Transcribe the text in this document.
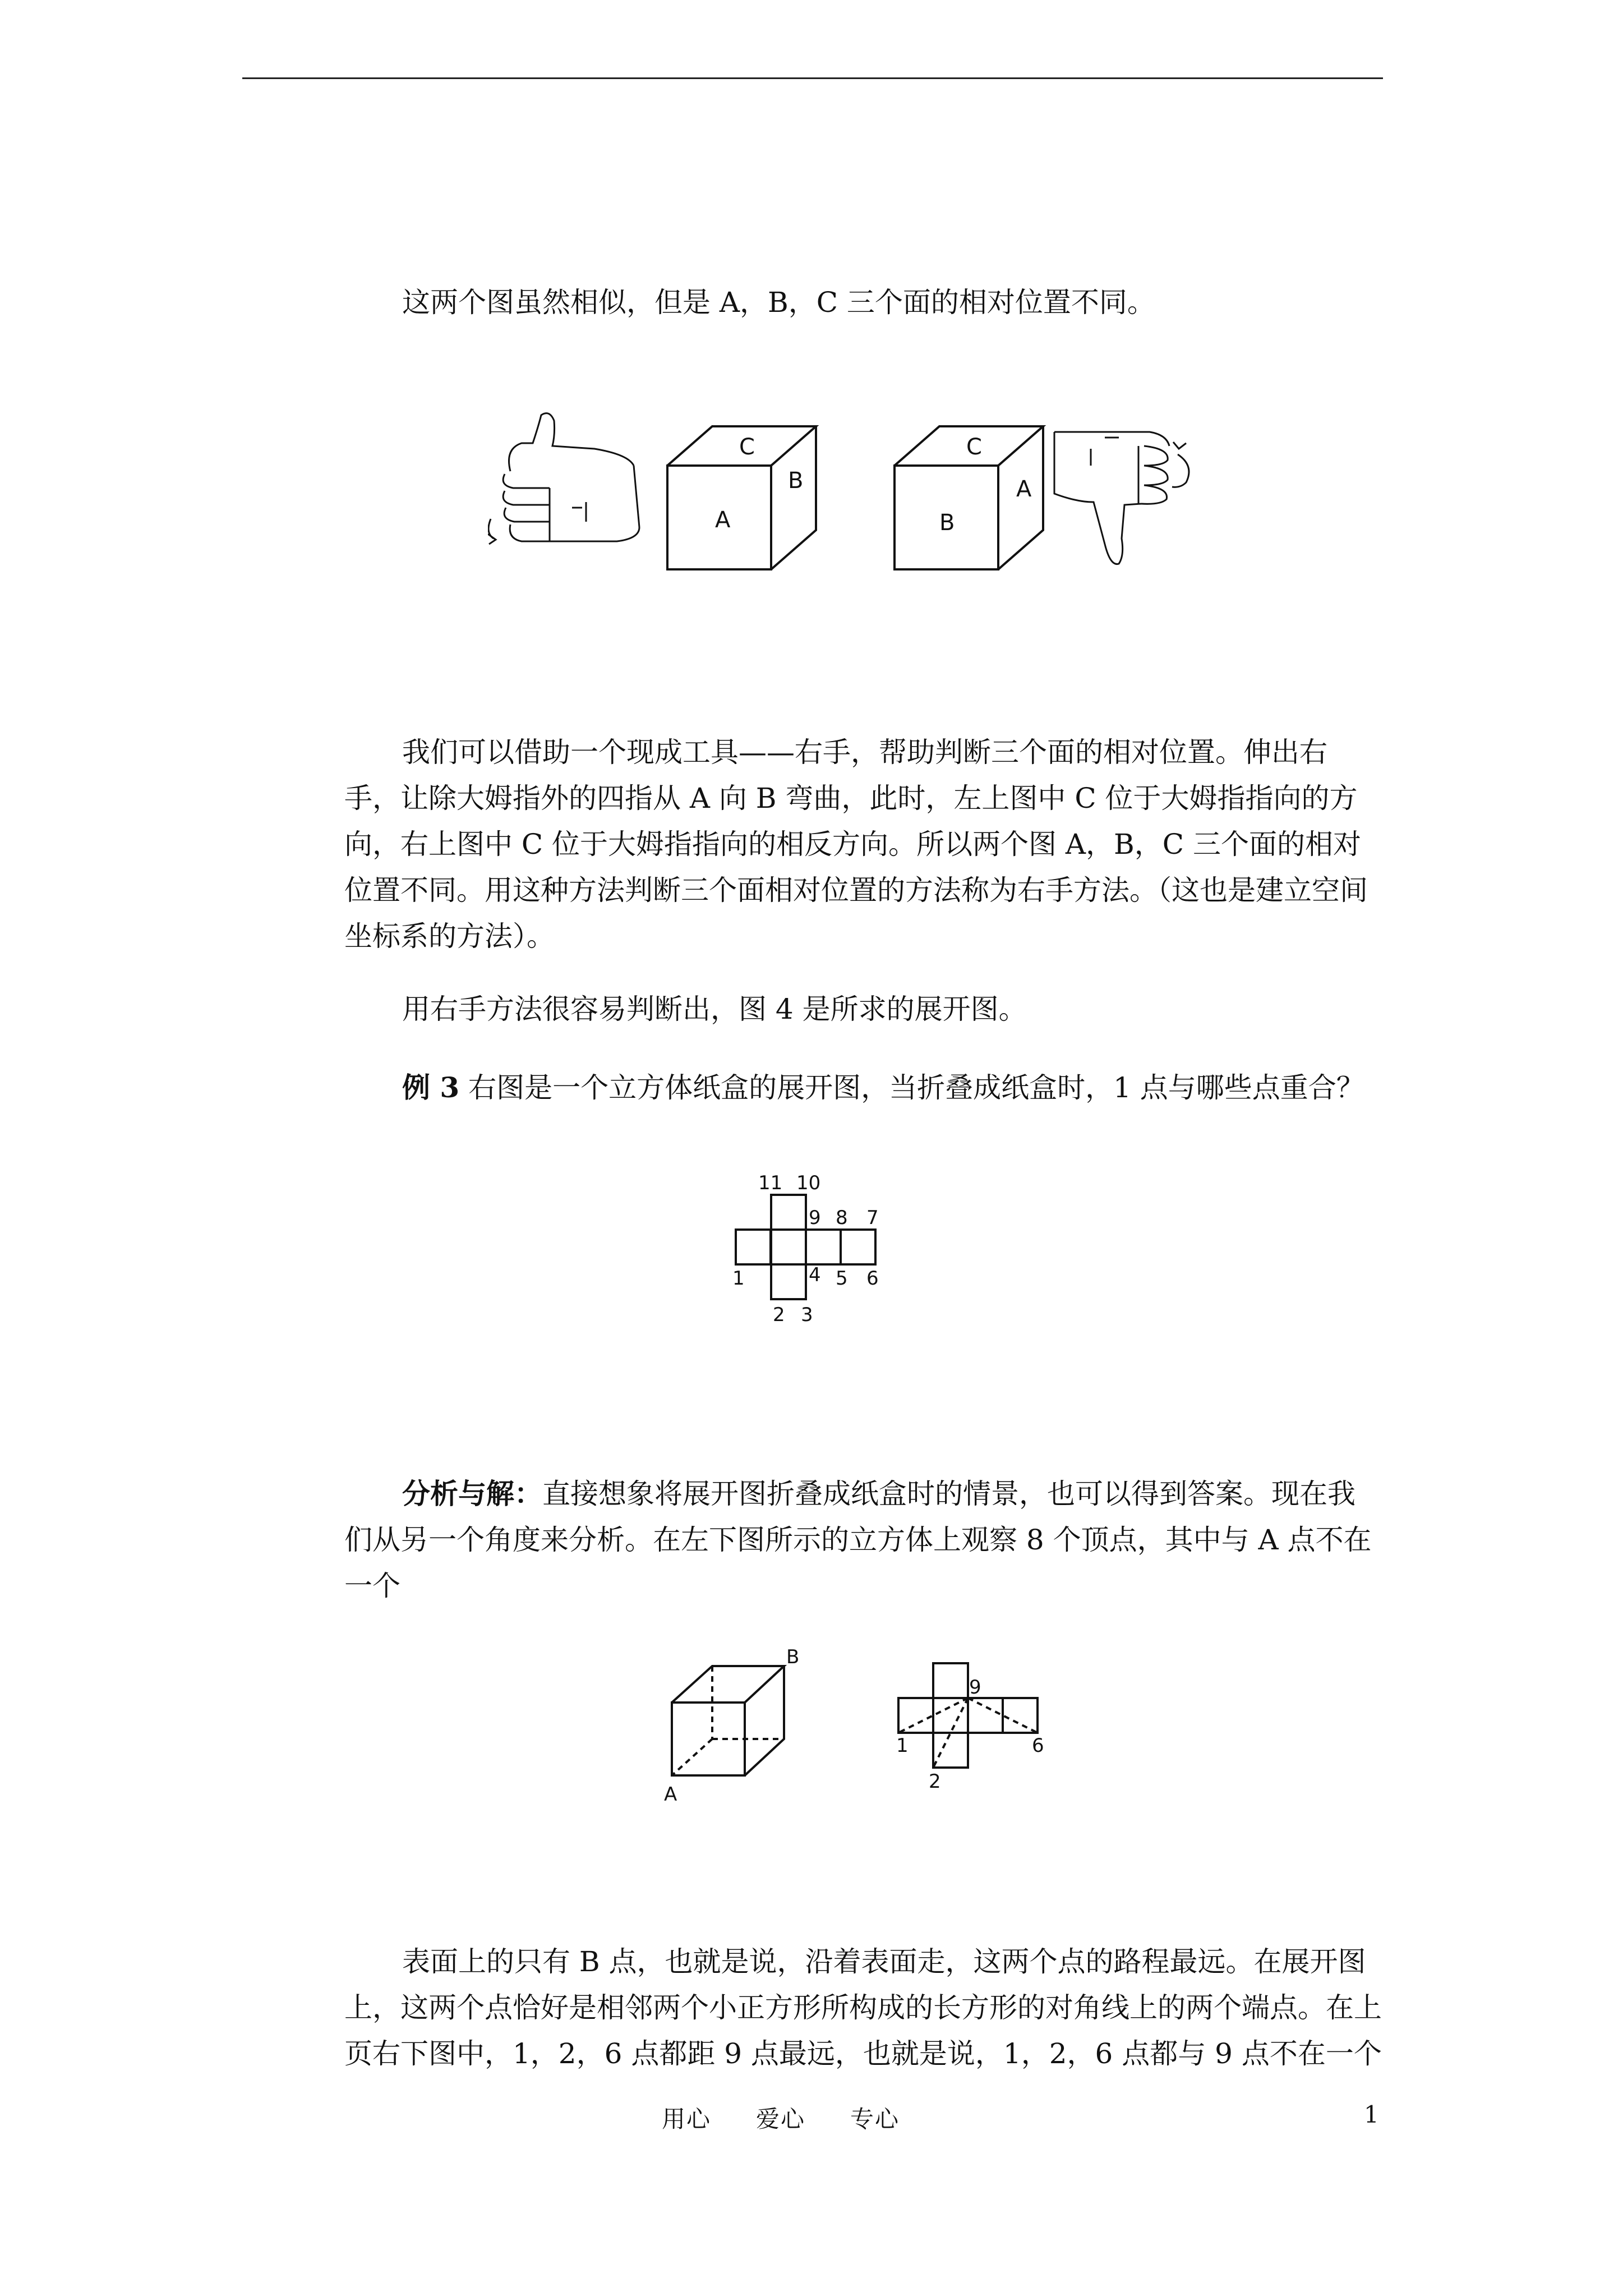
这两个图虽然相似，但是 A，B，C 三个面的相对位置不同。

A
B
C
B
A
C

我们可以借助一个现成工具——右手，帮助判断三个面的相对位置。伸出右手，让除大姆指外的四指从 A 向 B 弯曲，此时，左上图中 C 位于大姆指指向的方向，右上图中 C 位于大姆指指向的相反方向。所以两个图 A，B，C 三个面的相对位置不同。用这种方法判断三个面相对位置的方法称为右手方法。（这也是建立空间坐标系的方法）。

用右手方法很容易判断出，图 4 是所求的展开图。

例 3 右图是一个立方体纸盒的展开图，当折叠成纸盒时，1 点与哪些点重合？

11 10
9 8 7
1	4 5 6
2 3

分析与解：直接想象将展开图折叠成纸盒时的情景，也可以得到答案。现在我们从另一个角度来分析。在左下图所示的立方体上观察 8 个顶点，其中与 A 点不在一个

B
A
9
1	6
2

表面上的只有 B 点，也就是说，沿着表面走，这两个点的路程最远。在展开图上，这两个点恰好是相邻两个小正方形所构成的长方形的对角线上的两个端点。在上页右下图中，1，2，6 点都距 9 点最远，也就是说，1，2，6 点都与 9 点不在一个

用心 爱心 专心	1
